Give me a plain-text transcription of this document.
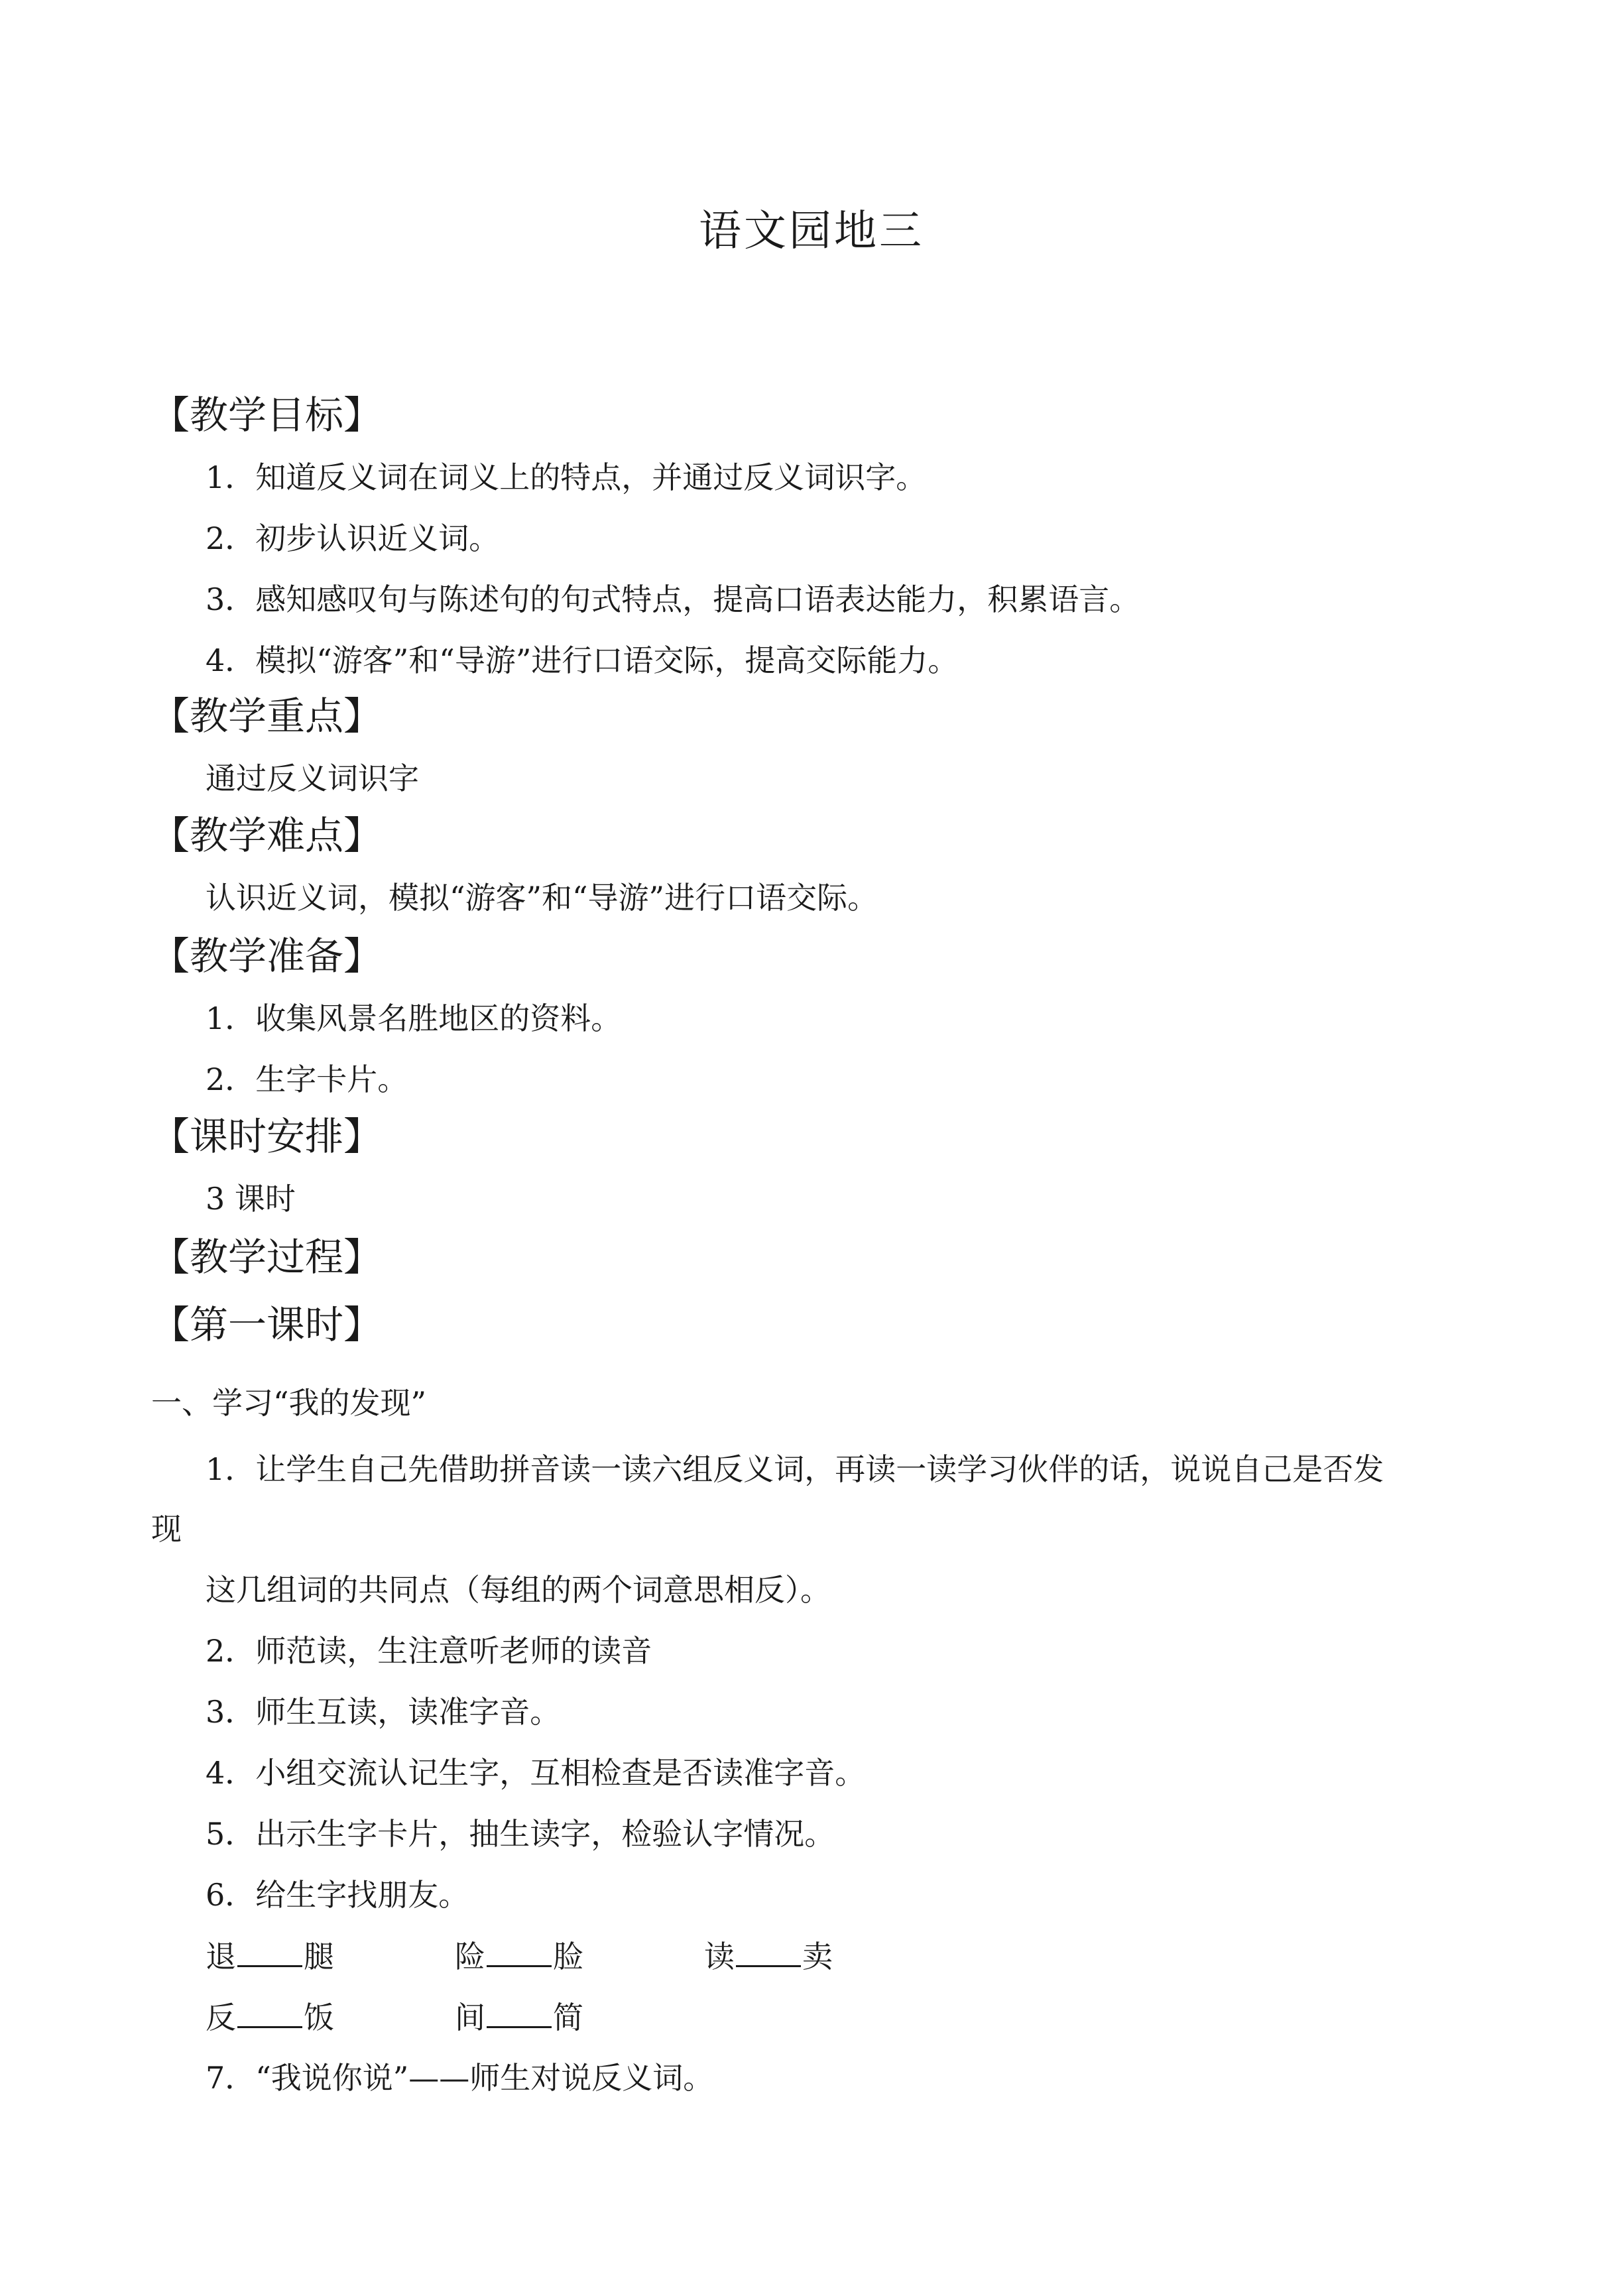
语文园地三
【教学目标】
1．知道反义词在词义上的特点，并通过反义词识字。
2．初步认识近义词。
3．感知感叹句与陈述句的句式特点，提高口语表达能力，积累语言。
4．模拟“游客”和“导游”进行口语交际，提高交际能力。
【教学重点】
通过反义词识字
【教学难点】
认识近义词，模拟“游客”和“导游”进行口语交际。
【教学准备】
1．收集风景名胜地区的资料。
2．生字卡片。
【课时安排】
3 课时
【教学过程】
【第一课时】
一、学习“我的发现”
1．让学生自己先借助拼音读一读六组反义词，再读一读学习伙伴的话，说说自己是否发
现
这几组词的共同点（每组的两个词意思相反）。
2．师范读，生注意听老师的读音
3．师生互读，读准字音。
4．小组交流认记生字，互相检查是否读准字音。
5．出示生字卡片，抽生读字，检验认字情况。
6．给生字找朋友。
退 腿	险 脸	读 卖
反 饭	间 简
7．“我说你说”——师生对说反义词。
